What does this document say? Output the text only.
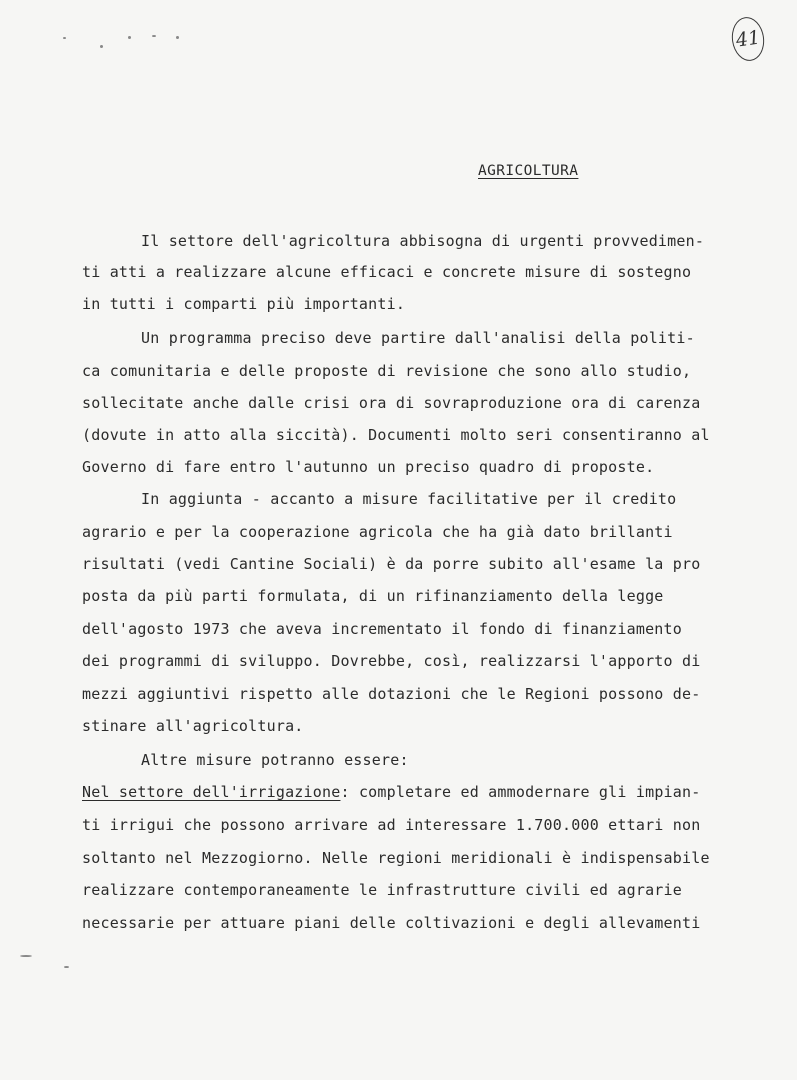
41
AGRICOLTURA
Il settore dell'agricoltura abbisogna di urgenti provvedimen-
ti atti a realizzare alcune efficaci e concrete misure di sostegno
in tutti i comparti più importanti.
Un programma preciso deve partire dall'analisi della politi-
ca comunitaria e delle proposte di revisione che sono allo studio,
sollecitate anche dalle crisi ora di sovraproduzione ora di carenza
(dovute in atto alla siccità). Documenti molto seri consentiranno al
Governo di fare entro l'autunno un preciso quadro di proposte.
In aggiunta - accanto a misure facilitative per il credito
agrario e per la cooperazione agricola che ha già dato brillanti
risultati (vedi Cantine Sociali) è da porre subito all'esame la pro
posta da più parti formulata, di un rifinanziamento della legge
dell'agosto 1973 che aveva incrementato il fondo di finanziamento
dei programmi di sviluppo. Dovrebbe, così, realizzarsi l'apporto di
mezzi aggiuntivi rispetto alle dotazioni che le Regioni possono de-
stinare all'agricoltura.
Altre misure potranno essere:
Nel settore dell'irrigazione: completare ed ammodernare gli impian-
ti irrigui che possono arrivare ad interessare 1.700.000 ettari non
soltanto nel Mezzogiorno. Nelle regioni meridionali è indispensabile
realizzare contemporaneamente le infrastrutture civili ed agrarie
necessarie per attuare piani delle coltivazioni e degli allevamenti
